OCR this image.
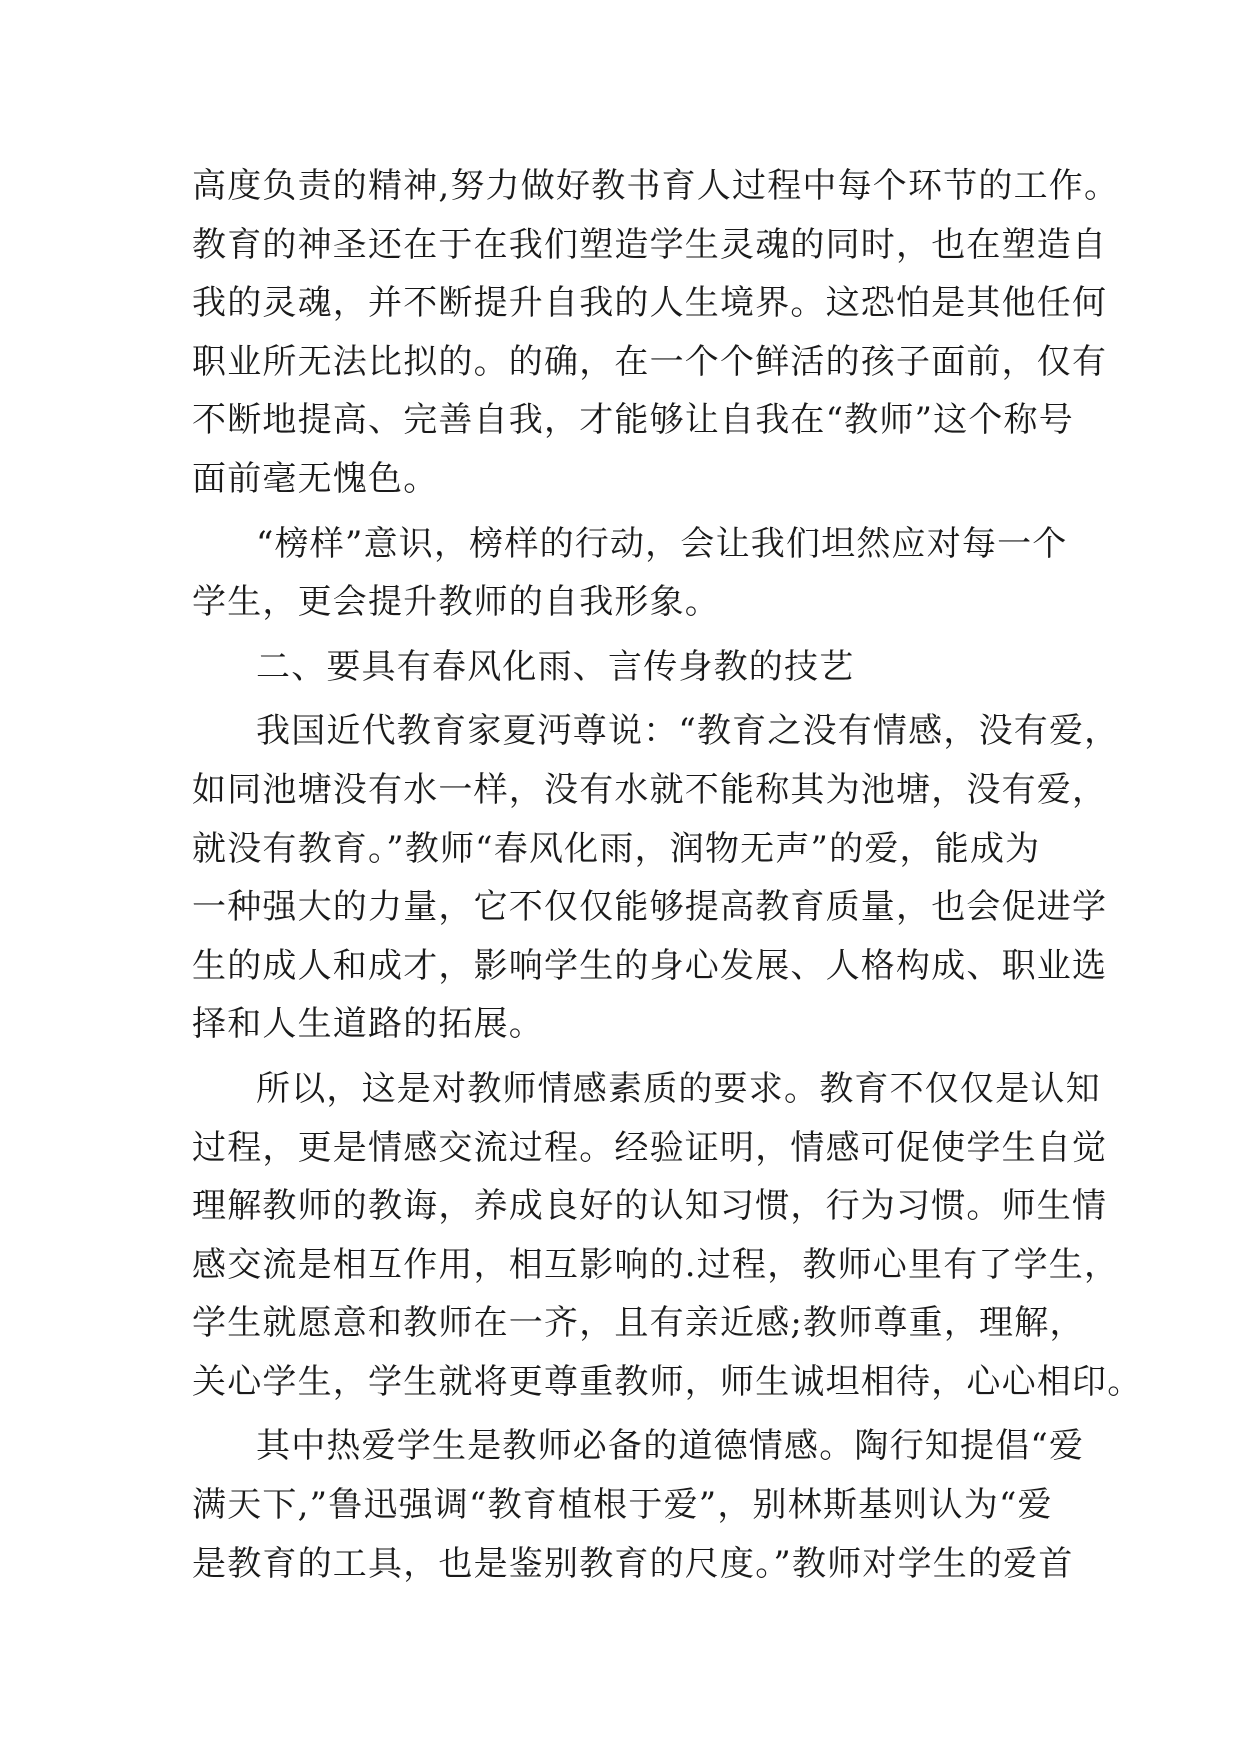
高度负责的精神,努力做好教书育人过程中每个环节的工作。
教育的神圣还在于在我们塑造学生灵魂的同时，也在塑造自
我的灵魂，并不断提升自我的人生境界。这恐怕是其他任何
职业所无法比拟的。的确，在一个个鲜活的孩子面前，仅有
不断地提高、完善自我，才能够让自我在“教师”这个称号
面前毫无愧色。
“榜样”意识，榜样的行动，会让我们坦然应对每一个
学生，更会提升教师的自我形象。
二、要具有春风化雨、言传身教的技艺
我国近代教育家夏沔尊说：“教育之没有情感，没有爱，
如同池塘没有水一样，没有水就不能称其为池塘，没有爱，
就没有教育。”教师“春风化雨，润物无声”的爱，能成为
一种强大的力量，它不仅仅能够提高教育质量，也会促进学
生的成人和成才，影响学生的身心发展、人格构成、职业选
择和人生道路的拓展。
所以，这是对教师情感素质的要求。教育不仅仅是认知
过程，更是情感交流过程。经验证明，情感可促使学生自觉
理解教师的教诲，养成良好的认知习惯，行为习惯。师生情
感交流是相互作用，相互影响的.过程，教师心里有了学生，
学生就愿意和教师在一齐，且有亲近感;教师尊重，理解，
关心学生，学生就将更尊重教师，师生诚坦相待，心心相印。
其中热爱学生是教师必备的道德情感。陶行知提倡“爱
满天下,”鲁迅强调“教育植根于爱”，别林斯基则认为“爱
是教育的工具，也是鉴别教育的尺度。”教师对学生的爱首
